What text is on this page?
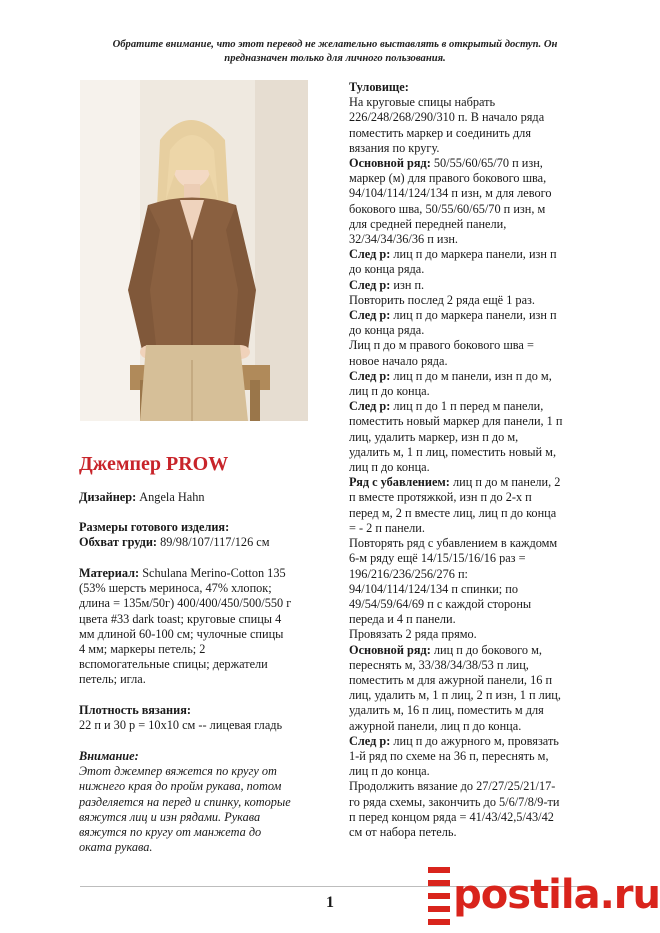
Обратите внимание, что этот перевод не желательно выставлять в открытый доступ. Он
предназначен только для личного пользования.
Джемпер PROW
Дизайнер: Angela Hahn
Размеры готового изделия:
Обхват груди: 89/98/107/117/126 см
Материал: Schulana Merino-Cotton 135
(53% шерсть мериноса, 47% хлопок;
длина = 135м/50г) 400/400/450/500/550 г
цвета #33 dark toast; круговые спицы 4
мм длиной 60-100 см; чулочные спицы
4 мм; маркеры петель; 2
вспомогательные спицы; держатели
петель; игла.
Плотность вязания:
22 п и 30 р = 10x10 см -- лицевая гладь
Внимание:
Этот джемпер вяжется по кругу от
нижнего края до пройм рукава, потом
разделяется на перед и спинку, которые
вяжутся лиц и изн рядами. Рукава
вяжутся по кругу от манжета до
оката рукава.

Туловище:

На круговые спицы набрать
226/248/268/290/310 п. В начало ряда
поместить маркер и соединить для
вязания по кругу.
Основной ряд: 50/55/60/65/70 п изн,
маркер (м) для правого бокового шва,
94/104/114/124/134 п изн, м для левого
бокового шва, 50/55/60/65/70 п изн, м
для средней передней панели,
32/34/34/36/36 п изн.
След р: лиц п до маркера панели, изн п
до конца ряда.
След р: изн п.
Повторить послед 2 ряда ещё 1 раз.
След р: лиц п до маркера панели, изн п
до конца ряда.
Лиц п до м правого бокового шва =
новое начало ряда.
След р: лиц п до м панели, изн п до м,
лиц п до конца.
След р: лиц п до 1 п перед м панели,
поместить новый маркер для панели, 1 п
лиц, удалить маркер, изн п до м,
удалить м, 1 п лиц, поместить новый м,
лиц п до конца.
Ряд с убавлением: лиц п до м панели, 2
п вместе протяжкой, изн п до 2-х п
перед м, 2 п вместе лиц, лиц п до конца
= - 2 п панели.
Повторять ряд с убавлением в каждомм
6-м ряду ещё 14/15/15/16/16 раз =
196/216/236/256/276 п:
94/104/114/124/134 п спинки; по
49/54/59/64/69 п с каждой стороны
переда и 4 п панели.
Провязать 2 ряда прямо.
Основной ряд: лиц п до бокового м,
переснять м, 33/38/34/38/53 п лиц,
поместить м для ажурной панели, 16 п
лиц, удалить м, 1 п лиц, 2 п изн, 1 п лиц,
удалить м, 16 п лиц, поместить м для
ажурной панели, лиц п до конца.
След р: лиц п до ажурного м, провязать
1-й ряд по схеме на 36 п, переснять м,
лиц п до конца.
Продолжить вязание до 27/27/25/21/17-
го ряда схемы, закончить до 5/6/7/8/9-ти
п перед концом ряда = 41/43/42,5/43/42
см от набора петель.
1	postila.ru
